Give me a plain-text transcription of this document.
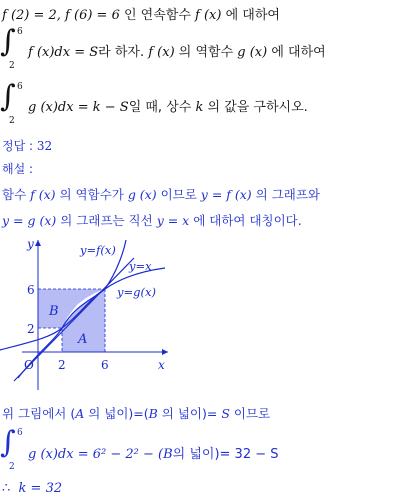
f (2) = 2, f (6) = 6 인 연속함수 f (x) 에 대하여
∫ 6
2
f (x)dx = S라 하자. f (x) 의 역함수 g (x) 에 대하여
∫ 6
2
g (x)dx = k − S일 때, 상수 k 의 값을 구하시오.
정답 : 32
해설 :
함수 f (x) 의 역함수가 g (x) 이므로 y = f (x) 의 그래프와
y = g (x) 의 그래프는 직선 y = x 에 대하여 대칭이다.
y
x
O 2	6
2
6
y=f(x)
y=x
y=g(x)
A
B
위 그림에서 (A 의 넓이)=(B 의 넓이)= S 이므로
∫ 6
2
g (x)dx = 6² − 2² − (B의 넓이)= 32 − S
∴ k = 32
